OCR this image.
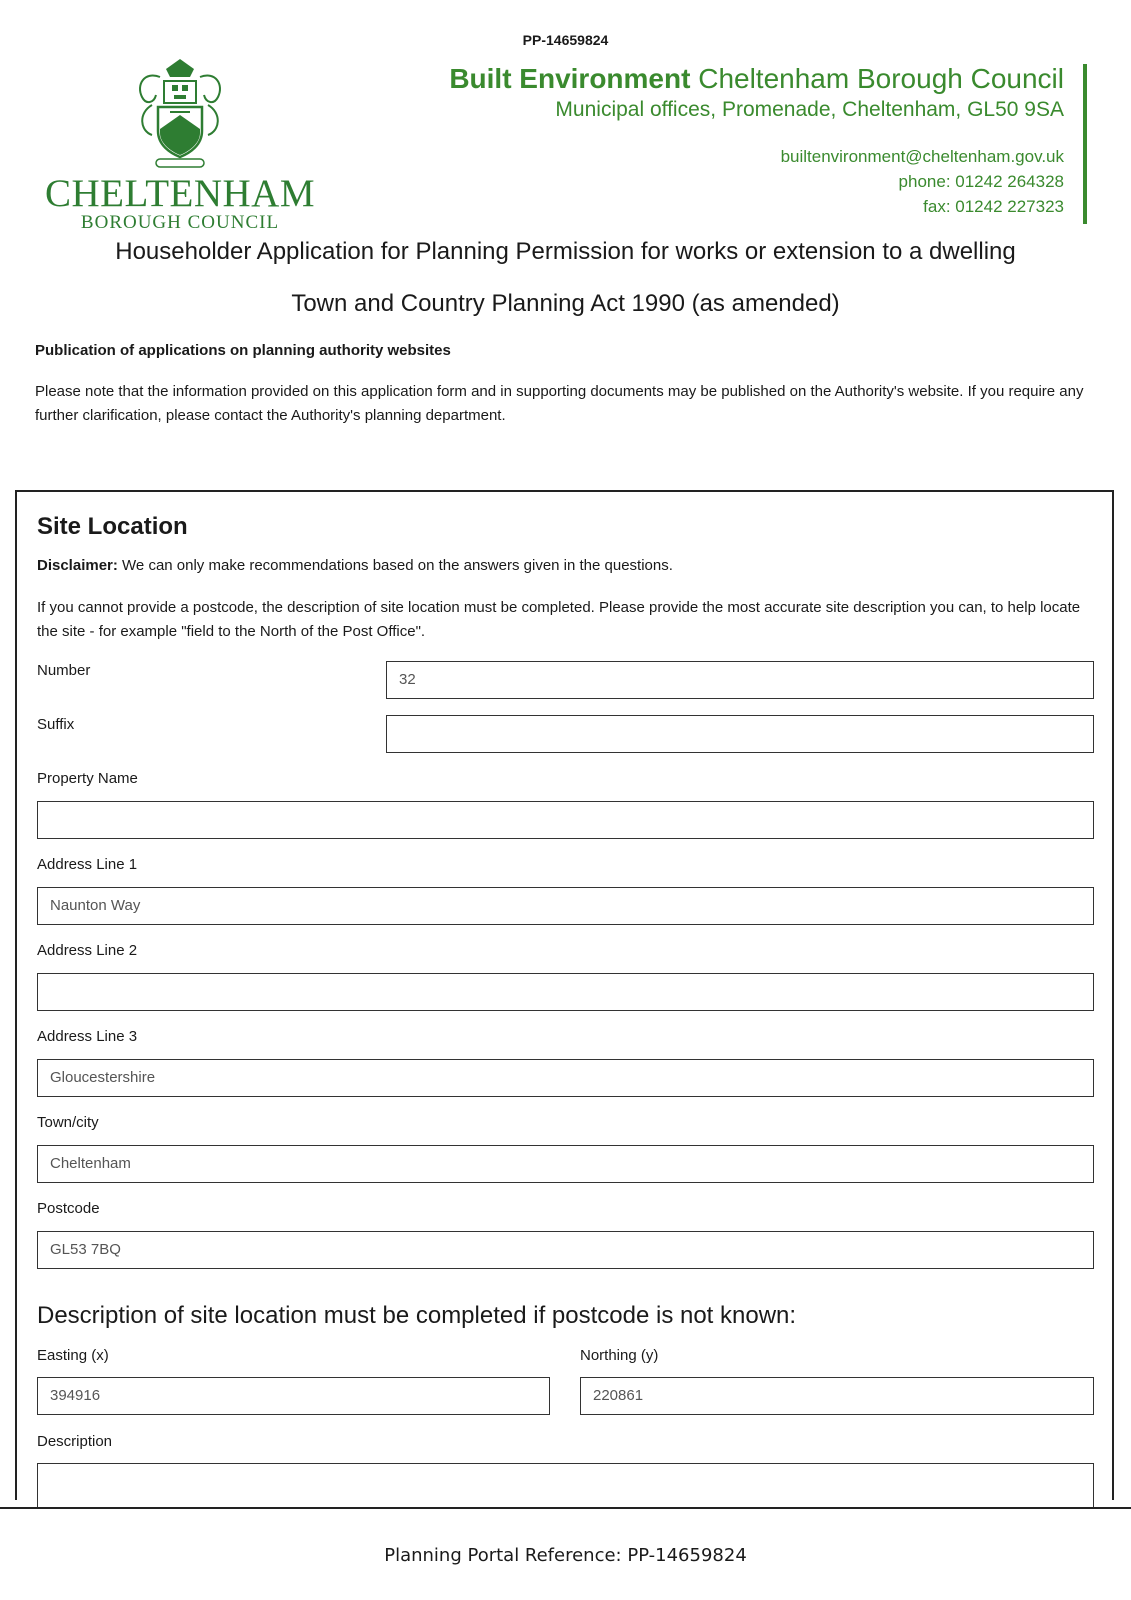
PP-14659824
CHELTENHAM
BOROUGH COUNCIL
Built Environment Cheltenham Borough Council
Municipal offices, Promenade, Cheltenham, GL50 9SA
builtenvironment@cheltenham.gov.uk
phone: 01242 264328
fax: 01242 227323
Householder Application for Planning Permission for works or extension to a dwelling
Town and Country Planning Act 1990 (as amended)
Publication of applications on planning authority websites
Please note that the information provided on this application form and in supporting documents may be published on the Authority's website. If you require any further clarification, please contact the Authority's planning department.
Site Location
Disclaimer: We can only make recommendations based on the answers given in the questions.
If you cannot provide a postcode, the description of site location must be completed. Please provide the most accurate site description you can, to help locate the site - for example "field to the North of the Post Office".
Number
32
Suffix
Property Name
Address Line 1
Naunton Way
Address Line 2
Address Line 3
Gloucestershire
Town/city
Cheltenham
Postcode
GL53 7BQ
Description of site location must be completed if postcode is not known:
Easting (x)
394916
Northing (y)
220861
Description
Planning Portal Reference: PP-14659824
